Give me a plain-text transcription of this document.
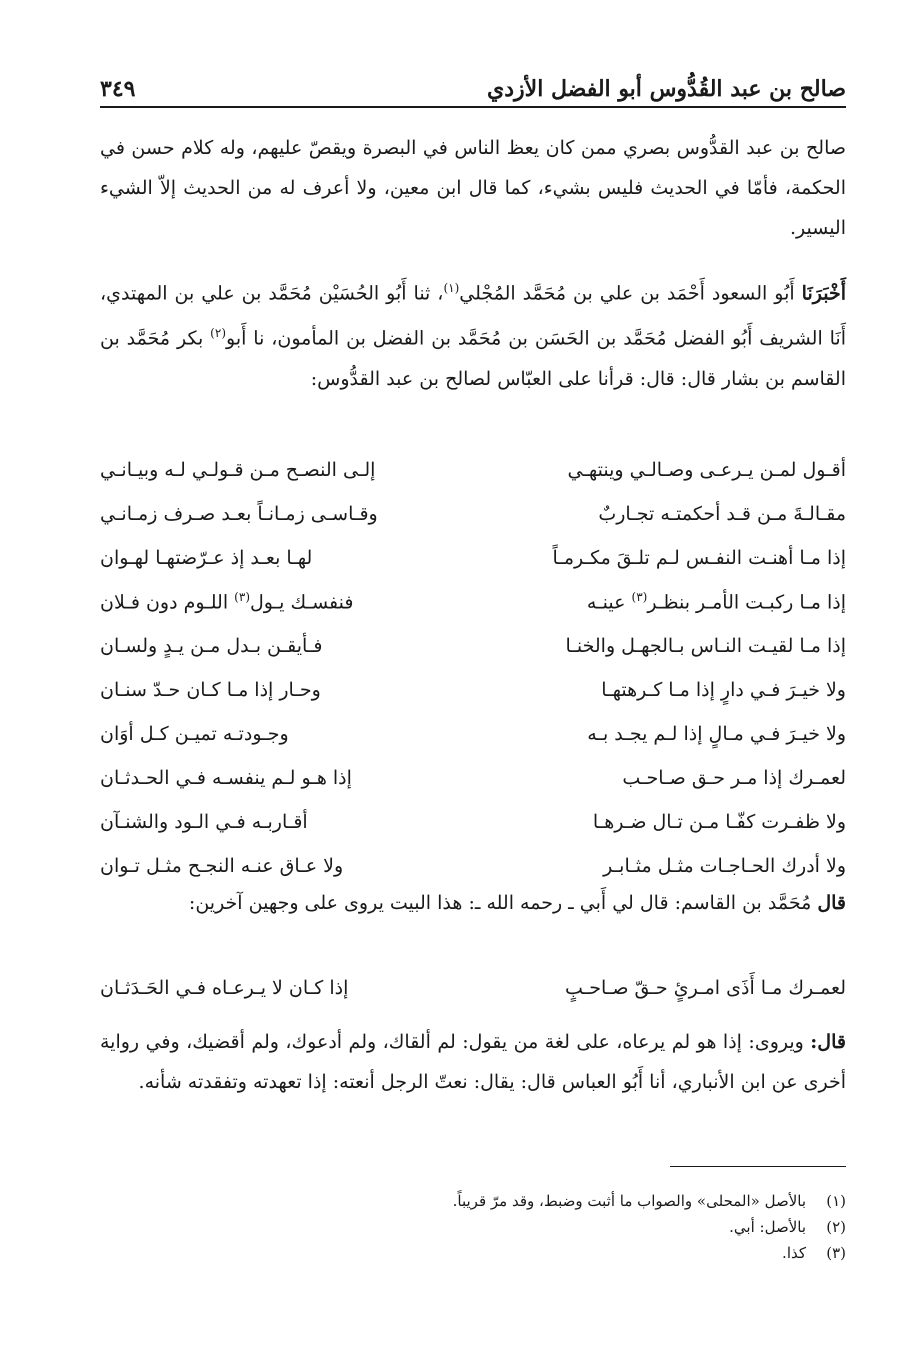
صالح بن عبد القُدُّوس أبو الفضل الأزدي
٣٤٩

صالح بن عبد القدُّوس بصري ممن كان يعظ الناس في البصرة ويقصّ عليهم، وله كلام حسن في الحكمة، فأمّا في الحديث فليس بشيء، كما قال ابن معين، ولا أعرف له من الحديث إلاّ الشيء اليسير.

أَخْبَرَنَا أَبُو السعود أَحْمَد بن علي بن مُحَمَّد المُجْلي$^{(١)}$، ثنا أَبُو الحُسَيْن مُحَمَّد بن علي بن المهتدي، أَنَا الشريف أَبُو الفضل مُحَمَّد بن الحَسَن بن مُحَمَّد بن الفضل بن المأمون، نا أَبو$^{(٢)}$ بكر مُحَمَّد بن القاسم بن بشار قال: قال: قرأنا على العبّاس لصالح بن عبد القدُّوس:

أقـول لمـن يـرعـى وصـالـي وينتهـي
إلـى النصـح مـن قـولـي لـه وبيـانـي
مقـالـةَ مـن قـد أحكمتـه تجـاربٌ
وقـاسـى زمـانـاً بعـد صـرف زمـانـي
إذا مـا أهنـت النفـس لـم تلـقَ مكـرمـاً
لهـا بعـد إذ عـرّضتهـا لهـوان
إذا مـا ركبـت الأمـر بنظـر$^{(٣)}$ عينـه
فنفسـك يـول$^{(٣)}$ اللـوم دون فـلان
إذا مـا لقيـت النـاس بـالجهـل والخنـا
فـأيقـن بـدل مـن يـدٍ ولسـان
ولا خيـرَ فـي دارٍ إذا مـا كـرهتهـا
وحـار إذا مـا كـان حـدّ سنـان
ولا خيـرَ فـي مـالٍ إذا لـم يجـد بـه
وجـودتـه تميـن كـل أوَان
لعمـرك إذا مـر حـق صـاحـب
إذا هـو لـم ينفسـه فـي الحـدثـان
ولا ظفـرت كفّـا مـن تـال ضـرهـا
أقـاربـه فـي الـود والشنـآن
ولا أدرك الحـاجـات مثـل مثـابـر
ولا عـاق عنـه النجـح مثـل تـوان
قال مُحَمَّد بن القاسم: قال لي أَبي ـ رحمه الله ـ: هذا البيت يروى على وجهين آخرين:
لعمـرك مـا أَذَى امـرئٍ حـقّ صـاحـبٍ
إذا كـان لا يـرعـاه فـي الحَـدَثـان
قال: ويروى: إذا هو لم يرعاه، على لغة من يقول: لم ألقاك، ولم أدعوك، ولم أقضيك، وفي رواية أخرى عن ابن الأنباري، أنا أَبُو العباس قال: يقال: نعتّ الرجل أنعته: إذا تعهدته وتفقدته شأنه.
(١)
بالأصل «المحلى» والصواب ما أثبت وضبط، وقد مرّ قريباً.
(٢)
بالأصل: أبي.
(٣)
كذا.
